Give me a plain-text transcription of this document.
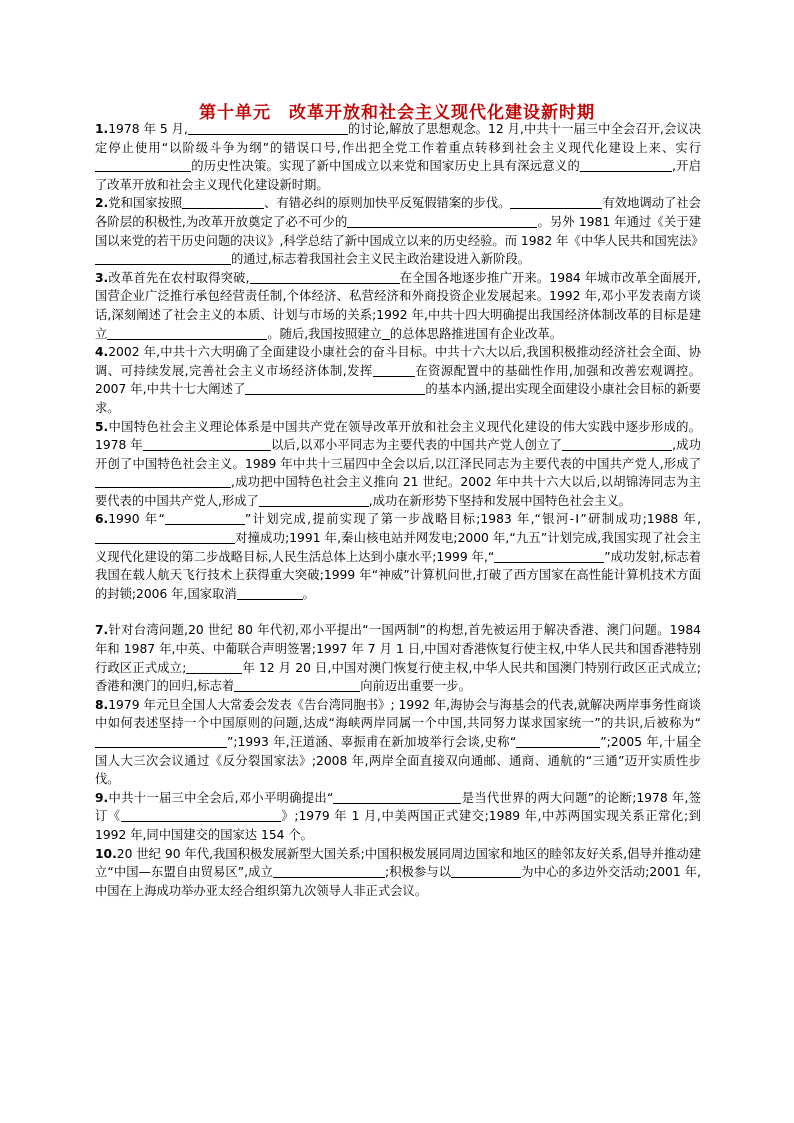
第十单元　改革开放和社会主义现代化建设新时期
1.1978 年 5 月,	的讨论,解放了思想观念。12 月,中共十一届三中全会召开,会议决定停止使用“以阶级斗争为纲”的错误口号,作出把全党工作着重点转移到社会主义现代化建设上来、实行的历史性决策。实现了新中国成立以来党和国家历史上具有深远意义的	,开启了改革开放和社会主义现代化建设新时期。
2.党和国家按照	、有错必纠的原则加快平反冤假错案的步伐。	有效地调动了社会各阶层的积极性,为改革开放奠定了必不可少的	。另外 1981 年通过《关于建国以来党的若干历史问题的决议》,科学总结了新中国成立以来的历史经验。而 1982 年《中华人民共和国宪法》的通过,标志着我国社会主义民主政治建设进入新阶段。
3.改革首先在农村取得突破,	在全国各地逐步推广开来。1984 年城市改革全面展开,国营企业广泛推行承包经营责任制,个体经济、私营经济和外商投资企业发展起来。1992 年,邓小平发表南方谈话,深刻阐述了社会主义的本质、计划与市场的关系;1992 年,中共十四大明确提出我国经济体制改革的目标是建立	。随后,我国按照建立 的总体思路推进国有企业改革。
4.2002 年,中共十六大明确了全面建设小康社会的奋斗目标。中共十六大以后,我国积极推动经济社会全面、协调、可持续发展,完善社会主义市场经济体制,发挥	在资源配置中的基础性作用,加强和改善宏观调控。2007 年,中共十七大阐述了	的基本内涵,提出实现全面建设小康社会目标的新要求。
5.中国特色社会主义理论体系是中国共产党在领导改革开放和社会主义现代化建设的伟大实践中逐步形成的。1978 年	以后,以邓小平同志为主要代表的中国共产党人创立了	,成功开创了中国特色社会主义。1989 年中共十三届四中全会以后,以江泽民同志为主要代表的中国共产党人,形成了,成功把中国特色社会主义推向 21 世纪。2002 年中共十六大以后,以胡锦涛同志为主要代表的中国共产党人,形成了	,成功在新形势下坚持和发展中国特色社会主义。
6.1990 年“	”计划完成,提前实现了第一步战略目标;1983 年,“银河-Ⅰ”研制成功;1988 年,对撞成功;1991 年,秦山核电站并网发电;2000 年,“九五”计划完成,我国实现了社会主义现代化建设的第二步战略目标,人民生活总体上达到小康水平;1999 年,“	”成功发射,标志着我国在载人航天飞行技术上获得重大突破;1999 年“神威”计算机问世,打破了西方国家在高性能计算机技术方面的封锁;2006 年,国家取消	。
7.针对台湾问题,20 世纪 80 年代初,邓小平提出“一国两制”的构想,首先被运用于解决香港、澳门问题。1984 年和 1987 年,中英、中葡联合声明签署;1997 年 7 月 1 日,中国对香港恢复行使主权,中华人民共和国香港特别行政区正式成立;	年 12 月 20 日,中国对澳门恢复行使主权,中华人民共和国澳门特别行政区正式成立;香港和澳门的回归,标志着	向前迈出重要一步。
8.1979 年元旦全国人大常委会发表《告台湾同胞书》; 1992 年,海协会与海基会的代表,就解决两岸事务性商谈中如何表述坚持一个中国原则的问题,达成“海峡两岸同属一个中国,共同努力谋求国家统一”的共识,后被称为“”;1993 年,汪道涵、辜振甫在新加坡举行会谈,史称“	”;2005 年,十届全国人大三次会议通过《反分裂国家法》;2008 年,两岸全面直接双向通邮、通商、通航的“三通”迈开实质性步伐。
9.中共十一届三中全会后,邓小平明确提出“	是当代世界的两大问题”的论断;1978 年,签订《	》;1979 年 1 月,中美两国正式建交;1989 年,中苏两国实现关系正常化;到 1992 年,同中国建交的国家达 154 个。
10.20 世纪 90 年代,我国积极发展新型大国关系;中国积极发展同周边国家和地区的睦邻友好关系,倡导并推动建立“中国—东盟自由贸易区”,成立	;积极参与以	为中心的多边外交活动;2001 年,中国在上海成功举办亚太经合组织第九次领导人非正式会议。
